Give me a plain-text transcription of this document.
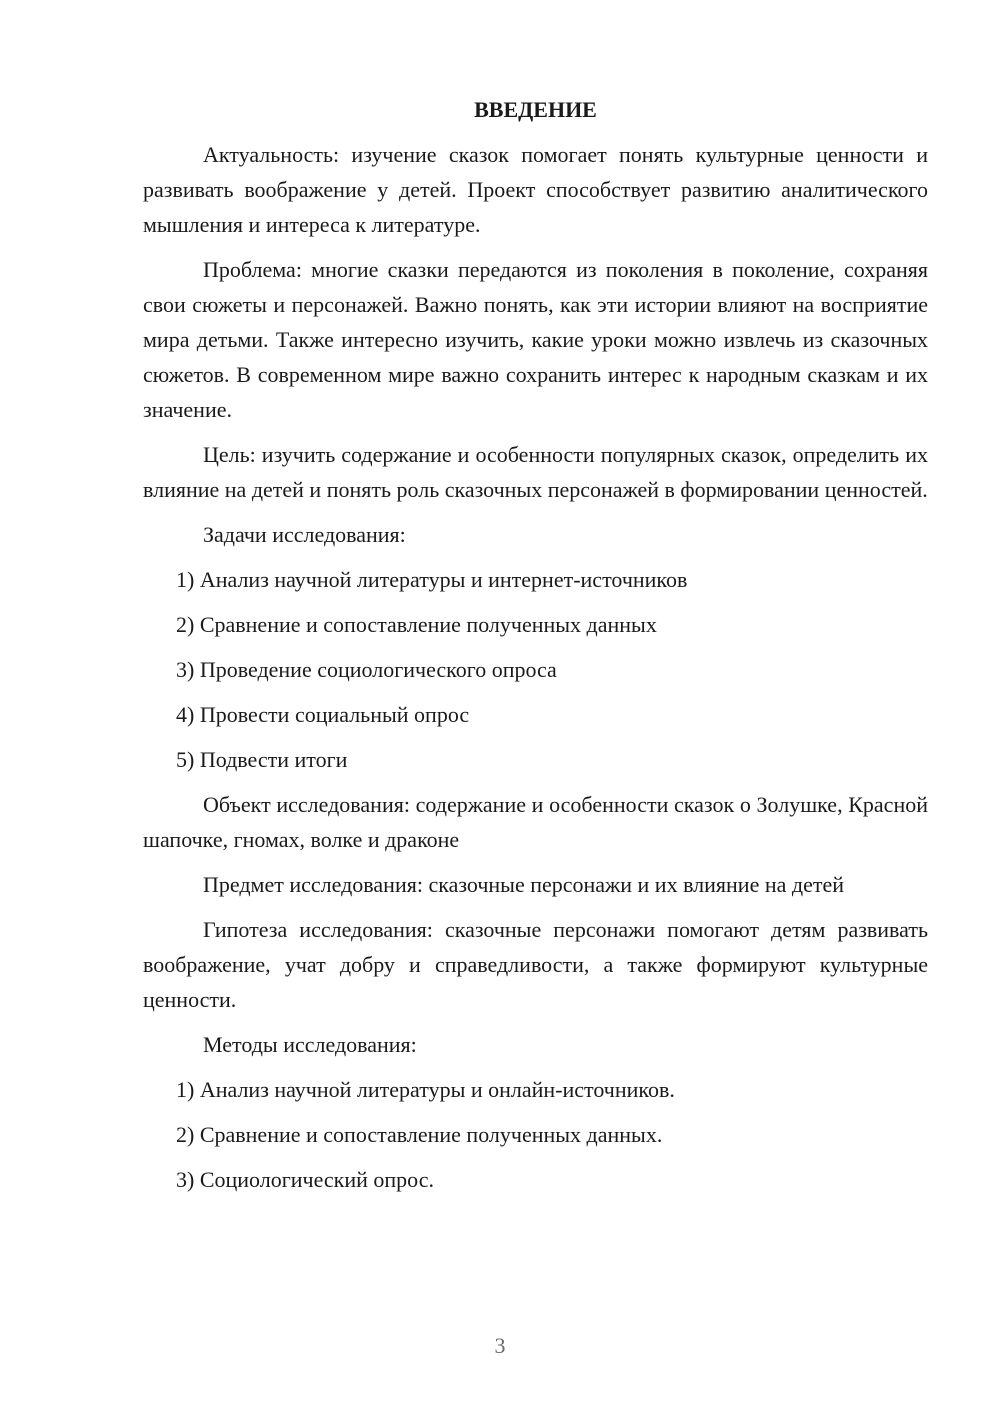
ВВЕДЕНИЕ

Актуальность: изучение сказок помогает понять культурные ценности и развивать воображение у детей. Проект способствует развитию аналитического мышления и интереса к литературе.

Проблема: многие сказки передаются из поколения в поколение, сохраняя свои сюжеты и персонажей. Важно понять, как эти истории влияют на восприятие мира детьми. Также интересно изучить, какие уроки можно извлечь из сказочных сюжетов. В современном мире важно сохранить интерес к народным сказкам и их значение.

Цель: изучить содержание и особенности популярных сказок, определить их влияние на детей и понять роль сказочных персонажей в формировании ценностей.

Задачи исследования:

1) Анализ научной литературы и интернет-источников
2) Сравнение и сопоставление полученных данных
3) Проведение социологического опроса
4) Провести социальный опрос
5) Подвести итоги

Объект исследования: содержание и особенности сказок о Золушке, Красной шапочке, гномах, волке и драконе

Предмет исследования: сказочные персонажи и их влияние на детей

Гипотеза исследования: сказочные персонажи помогают детям развивать воображение, учат добру и справедливости, а также формируют культурные ценности.

Методы исследования:

1) Анализ научной литературы и онлайн-источников.
2) Сравнение и сопоставление полученных данных.
3) Социологический опрос.
3
